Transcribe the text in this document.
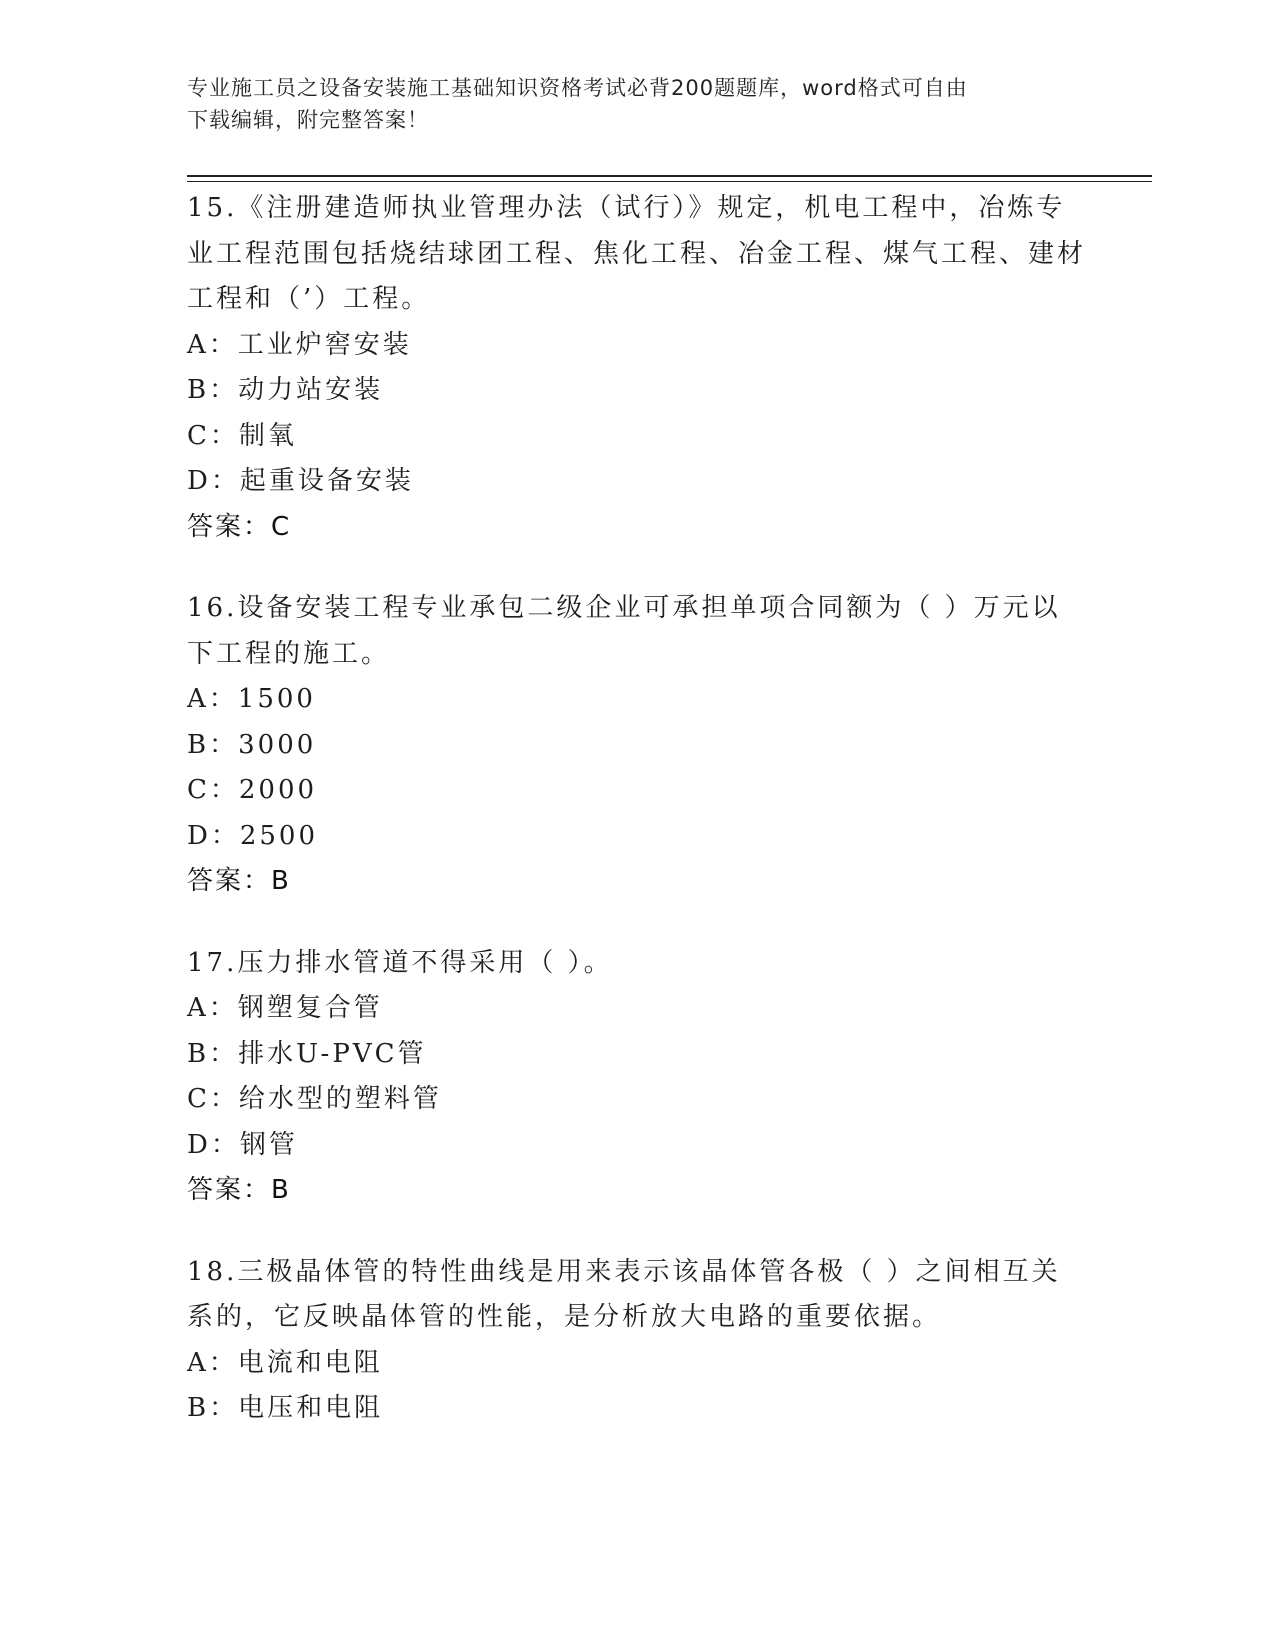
专业施工员之设备安装施工基础知识资格考试必背200题题库，word格式可自由
下载编辑，附完整答案！
15.《注册建造师执业管理办法（试行）》规定，机电工程中，冶炼专业工程范围包括烧结球团工程、焦化工程、冶金工程、煤气工程、建材工程和（’）工程。
A：工业炉窖安装
B：动力站安装
C：制氧
D：起重设备安装
答案：C
16.设备安装工程专业承包二级企业可承担单项合同额为（ ）万元以下工程的施工。
A：1500
B：3000
C：2000
D：2500
答案：B
17.压力排水管道不得采用（ ）。
A：钢塑复合管
B：排水U-PVC管
C：给水型的塑料管
D：钢管
答案：B
18.三极晶体管的特性曲线是用来表示该晶体管各极（ ）之间相互关系的，它反映晶体管的性能，是分析放大电路的重要依据。
A：电流和电阻
B：电压和电阻
